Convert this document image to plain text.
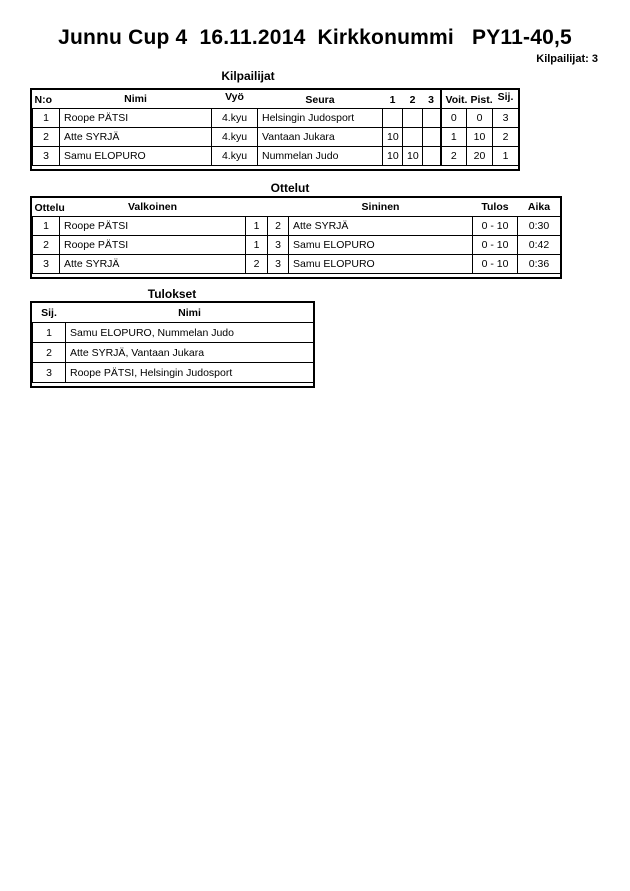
Junnu Cup 4  16.11.2014  Kirkkonummi   PY11-40,5
Kilpailijat: 3
Kilpailijat
N:o	Nimi	Vyö	Seura	1	2	3	Voit.	Pist.	Sij.
1	Roope PÄTSI	4.kyu	Helsingin Judosport				0	0	3
2	Atte SYRJÄ	4.kyu	Vantaan Jukara	10			1	10	2
3	Samu ELOPURO	4.kyu	Nummelan Judo	10	10		2	20	1
Ottelut
Ottelu	Valkoinen			Sininen	Tulos	Aika
1	Roope PÄTSI	1	2	Atte SYRJÄ	0 - 10	0:30
2	Roope PÄTSI	1	3	Samu ELOPURO	0 - 10	0:42
3	Atte SYRJÄ	2	3	Samu ELOPURO	0 - 10	0:36
Tulokset
Sij.	Nimi
1	Samu ELOPURO, Nummelan Judo
2	Atte SYRJÄ, Vantaan Jukara
3	Roope PÄTSI, Helsingin Judosport
